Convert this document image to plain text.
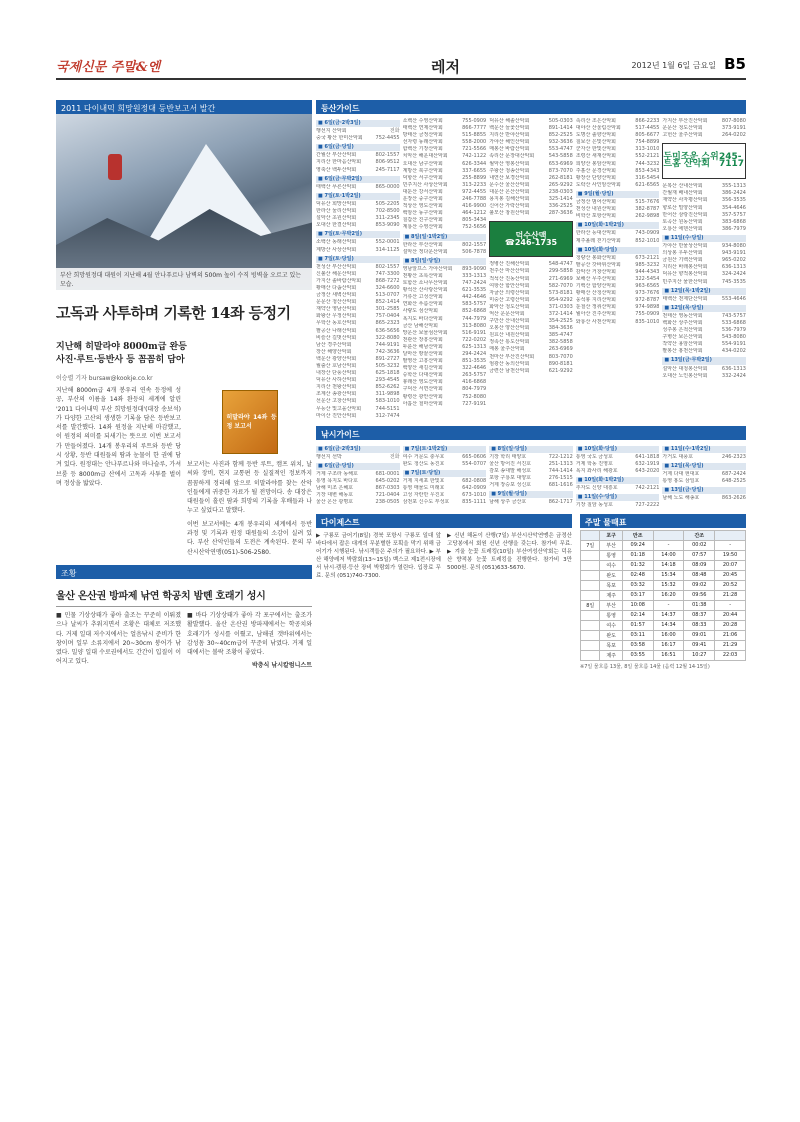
국제신문 주말&엔	레저	2012년 1월 6일 금요일 B5
2011 다이내믹 희망원정대 등반보고서 발간
부산 희망원정대 대원이 지난해 4월 안나푸르나 남벽의 500m 높이 수직 빙벽을 오르고 있는 모습.
고독과 사투하며 기록한 14좌 등정기
지난해 히말라야 8000m급 완등
사진·루트·등반사 등 꼼꼼히 담아
이승렬 기자 bursaw@kookje.co.kr
지난해 8000m급 4개 봉우리 연속 등정에 성공, 부산의 이름을 14좌 완등의 세계에 알린 '2011 다이내믹 부산 희망원정대'(대장 송보석)가 다양한 고산의 생생한 기록을 담은 등반보고서를 발간했다. 14좌 원정을 지난해 마감했고, 이 원정의 의미를 되새기는 뜻으로 이번 보고서가 만들어졌다. 14개 봉우리의 루트와 등반 당시 상황, 등반 대원들의 땀과 눈물이 한 권에 담겨 있다. 원정대는 안나푸르나와 마나슬루, 가셔브룸 등 8000m급 산에서 고독과 사투를 벌이며 정상을 밟았다.
히말라야 14좌 등정 보고서
보고서는 사진과 함께 등반 루트, 캠프 위치, 날씨와 장비, 현지 교통편 등 실질적인 정보까지 꼼꼼하게 정리해 앞으로 히말라야를 찾는 산악인들에게 귀중한 자료가 될 전망이다. 송 대장은 대원들이 흘린 땀과 희망의 기록을 후배들과 나누고 싶었다고 말했다.
이번 보고서에는 4개 봉우리의 세계에서 등반 과정 및 기록과 원정 대원들의 소감이 실려 있다. 부산 산악인들의 도전은 계속된다. 문의 부산시산악연맹(051)-506-2580.
조황
울산 온산권 방파제 낚연 학공치 밤톈 호래기 성시
■ 민물 기상상태가 좋아 출조는 꾸준히 이뤄졌으나 날씨가 추워지면서 조황은 대체로 저조했다. 거제 일대 저수지에서는 얼음낚시 준비가 한창이며 일부 소류지에서 20~30cm 붕어가 낚였다. 밀양 일대 수로권에서도 간간이 입질이 이어지고 있다.
■ 바다 기상상태가 좋아 각 포구에서는 출조가 활발했다. 울산 온산권 방파제에서는 학공치와 호래기가 성시를 이뤘고, 남해권 갯바위에서는 감성돔 30~40cm급이 꾸준히 낚였다. 거제 일대에서는 볼락 조황이 좋았다.
박충식 낚시칼럼니스트
등산가이드
■ 6일(금·2박3일)
행선지 산악회	전화
중국 황산 한미산악회	752-4455
■ 6일(금·당일)
간월산 부산산악회	802-1557
지리산 한마음산악회	806-9512
영축산 백두산악회	245-7117
■ 6일(금·무박2일)
태백산 푸른산악회	865-0000
■ 7일(토·1박2일)
덕유산 희망산악회	505-2205
한라산 둘리산악회	702-8500
설악산 초원산악회	311-2345
오대산 한결산악회	853-9090
■ 7일(토·무박2일)
소백산 동래산악회	552-0001
계방산 사상산악회	314-1125
■ 7일(토·당일)
천성산 부산산악회	802-1557
신불산 해운산악회	747-3300
가지산 솔바람산악회	868-7272
황매산 다솜산악회	324-6600
금정산 새벽산악회	513-0707
운문산 청산산악회	852-1414
재약산 영남산악회	301-2585
화왕산 우정산악회	757-0404
무학산 동호산악회	865-2323
팔공산 나래산악회	636-5656
비슬산 길벗산악회	322-8080
남산 경주산악회	744-9191
장산 해양산악회	742-3636
백운산 광양산악회	891-2727
월출산 호남산악회	505-3232
내장산 단풍산악회	625-1818
덕유산 사하산악회	293-4545
지리산 천왕산악회	852-6262
조계산 송광산악회	311-9898
선운산 고창산악회	583-1010
무등산 빛고을산악회	744-5151
마이산 진안산악회	312-7474
소백산 수영산악회	755-0909
태백산 연제산악회	866-7777
방태산 금정산악회	515-8855
선자령 동래산악회	558-2000
함백산 기장산악회	721-5566
치악산 해운대산악회	742-1122
오대산 남구산악회	626-3344
계방산 북구산악회	337-6655
덕항산 서구산악회	255-8899
민주지산 사상산악회	313-2233
대둔산 강서산악회	972-4455
운장산 중구산악회	246-7788
적상산 영도산악회	416-9900
백암산 동구산악회	464-1212
칠갑산 진구산악회	805-3434
계룡산 수영산악회	752-5656
■ 8일(일·1박2일)
한라산 부산산악회	802-1557
설악산 정다운산악회	506-7878
■ 8일(일·당일)
영남알프스 가야산악회 893-9090
천황산 초록산악회	333-1313
토함산 소나무산악회	747-2424
황석산 산사랑산악회	621-3535
거류산 고성산악회	442-4646
연화산 푸름산악회	583-5757
사량도 섬산악회	852-6868
욕지도 바다산악회	744-7979
금산 남해산악회	313-8080
망운산 보물섬산악회	516-9191
천관산 장흥산악회	722-0202
두륜산 해남산악회	625-1313
달마산 땅끝산악회	294-2424
팔영산 고흥산악회	851-3535
백양산 새길산악회	322-4646
승학산 다대산악회	263-5757
봉래산 영도산악회	416-6868
구덕산 서면산악회	804-7979
황령산 광안산악회	752-8080
아홉산 철마산악회	727-9191
덕유산 해솔산악회	505-0303
백운산 들꽃산악회	891-1414
지리산 반야산악회	852-2525
가야산 해인산악회	932-3636
매봉산 바람산악회	553-4747
속리산 문장대산악회	543-5858
월악산 영봉산악회	653-6969
주왕산 청송산악회	873-7070
내연산 보경산악회	262-8181
문수산 울산산악회	265-9292
대운산 온산산악회	238-0303
용지봉 김해산악회	325-1414
신어산 가락산악회	336-2525
불모산 창원산악회	287-3636
덕수산맥
☎246-1735
정병산 진해산악회	548-4747
천주산 마산산악회	299-5858
적석산 진동산악회	271-6969
여항산 함안산악회	582-7070
자굴산 의령산악회	573-8181
미숭산 고령산악회	954-9292
화악산 청도산악회	371-0303
억산 운문산악회	372-1414
구만산 산내산악회	354-2525
오봉산 양산산악회	384-3636
원효산 내원산악회	385-4747
정족산 통도산악회	382-5858
매봉 울주산악회	263-6969
천마산 부산진산악회	803-7070
엄광산 동의산악회	890-8181
금련산 남천산악회	621-9292
속리산 조은산악회	866-2233
대야산 산울림산악회	517-4455
도명산 솔향산악회	805-6677
칠보산 은빛산악회	754-8899
군자산 한빛산악회	313-1010
조령산 새재산악회	552-2121
희양산 봉암산악회	744-3232
주흘산 문경산악회	853-4343
황장산 단양산악회	316-5454
도락산 사인암산악회	621-6565
■ 9일(월·당일)
금정산 범어산악회	515-7676
천성산 내원산악회	382-8787
비학산 포항산악회	262-9898
■ 10일(화·1박2일)
한라산 등대산악회	743-0909
제주올레 걷기산악회	852-1010
■ 10일(화·당일)
청량산 봉화산악회	673-2121
팔공산 갓바위산악회	985-3232
감악산 거창산악회	944-4343
보해산 무주산악회	322-5454
기백산 함양산악회	963-6565
황매산 산청산악회	973-7676
웅석봉 지리산악회	972-8787
둔철산 정취산악회	974-9898
월아산 진주산악회	755-0909
와룡산 사천산악회	835-1010
가지산 부산진산악회	807-8080
운문산 청도산악회	373-9191
고헌산 울주산악회	264-0202
두미조운 스위트홈 산악회
245-7117
문복산 산내산악회	355-1313
간월재 배내산악회	386-2424
재약산 사자평산악회	356-3535
향로산 밀양산악회	354-4646
만어산 삼랑진산악회	357-5757
토곡산 원동산악회	383-6868
오룡산 에덴산악회	386-7979
■ 11일(수·당일)
가야산 만물상산악회	934-8080
의상봉 우두산악회	943-9191
금원산 기백산악회	965-0202
지리산 바래봉산악회	636-1313
덕유산 향적봉산악회	324-2424
민주지산 물한산악회	745-3535
■ 12일(목·1박2일)
태백산 천제단산악회	553-4646
■ 12일(목·당일)
천태산 영동산악회	743-5757
백화산 상주산악회	533-6868
성주봉 은척산악회	536-7979
구병산 보은산악회	543-8080
작약산 용암산악회	554-9191
팔봉산 홍천산악회	434-0202
■ 13일(금·무박2일)
설악산 대청봉산악회	636-1313
오대산 노인봉산악회	332-2424
낚시가이드
■ 6일(금·2박3일)
행선지 선박	전화
■ 6일(금·당일)
거제 구조라 동해호	681-0001
통영 욕지도 바다호	645-0202
남해 미조 은혜호	867-0303
기장 대변 해동호	721-0404
울산 온산 광명호	238-0505
■ 7일(토·1박2일)
여수 거문도 충무호	665-0606
완도 청산도 동진호	554-0707
■ 7일(토·당일)
거제 지세포 한빛호	682-0808
통영 매물도 미래호	642-0909
고성 자란만 우진호	673-1010
삼천포 신수도 부성호	835-1111
■ 8일(일·당일)
기장 학리 태양호	722-1212
울산 방어진 서진호	251-1313
감포 송대말 해성호	744-1414
포항 구룡포 대양호	276-1515
거제 장승포 성신호	681-1616
■ 9일(월·당일)
남해 상주 금산호	862-1717
■ 10일(화·당일)
통영 국도 금성호	641-1818
거제 학동 진영호	632-1919
욕지 좌사리 해광호	643-2020
■ 10일(화·1박2일)
추자도 신양 대흥호	742-2121
■ 11일(수·당일)
기장 칠암 동성호	727-2222
■ 11일(수·1박2일)
가거도 대풍호	246-2323
■ 12일(목·당일)
거제 다대 현대호	687-2424
통영 홍도 삼일호	648-2525
■ 13일(금·당일)
남해 노도 해송호	863-2626
다이제스트
▶ 구룡포 금어기(8일) 경북 포항시 구룡포 일대 앞바다에서 잡은 대게의 무분별한 포획을 막기 위해 금어기가 시행된다. 낚시객들은 주의가 필요하다. ▶ 부산 해양레저 박람회(13~15일) 벡스코 제1전시장에서 낚시·캠핑·등산 장비 박람회가 열린다. 입장료 무료. 문의 (051)740-7300.
▶ 신년 해돋이 산행(7일) 부산시산악연맹은 금정산 고당봉에서 회원 신년 산행을 갖는다. 참가비 무료. ▶ 겨울 눈꽃 트레킹(10일) 부산여성산악회는 덕유산 향적봉 눈꽃 트레킹을 진행한다. 참가비 3만5000원. 문의 (051)633-5670.
주말 물때표
	포구	만조		간조	
7일	부산	09:24	-	00:02	-
	통영	01:18	14:00	07:57	19:50
	여수	01:32	14:18	08:09	20:07
	완도	02:48	15:34	08:48	20:45
	목포	03:32	15:32	09:02	20:52
	제주	03:17	16:20	09:56	21:28
8일	부산	10:08	-	01:38	-
	통영	02:14	14:37	08:37	20:44
	여수	01:57	14:34	08:33	20:28
	완도	03:11	16:00	09:01	21:06
	목포	03:58	16:17	09:41	21:29
	제주	03:55	16:51	10:27	22:03
※7일 물흐름 13물, 8일 물흐름 14물 (음력 12월 14·15일)
